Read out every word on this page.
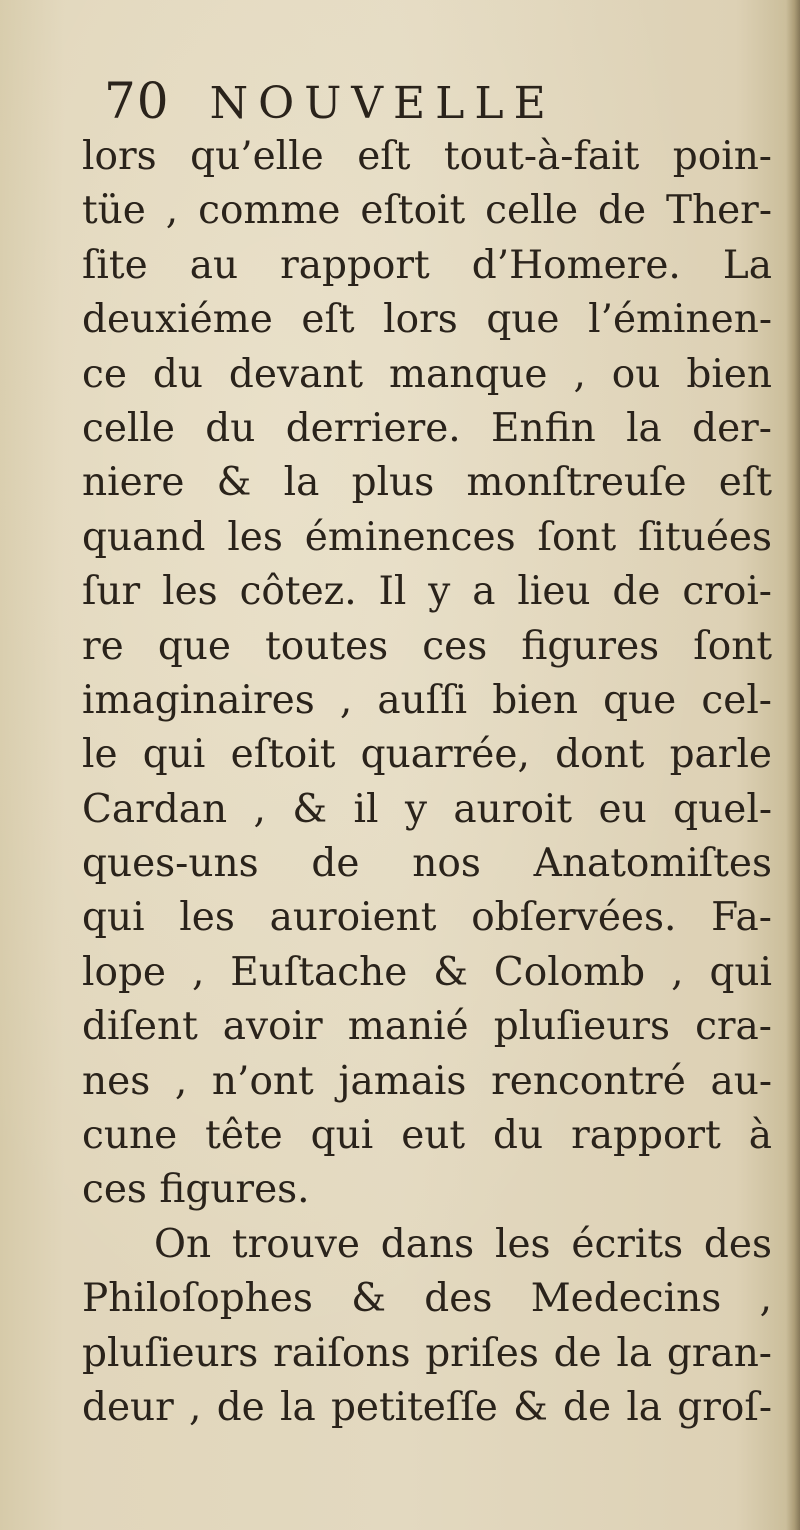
70 NOUVELLE
lors qu’elle eſt tout-à-fait poin-
tüe , comme eſtoit celle de Ther-
ſite au rapport d’Homere. La
deuxiéme eſt lors que l’éminen-
ce du devant manque , ou bien
celle du derriere. Enfin la der-
niere & la plus monſtreuſe eſt
quand les éminences ſont ſituées
ſur les côtez. Il y a lieu de croi-
re que toutes ces figures ſont
imaginaires , auſſi bien que cel-
le qui eſtoit quarrée, dont parle
Cardan , & il y auroit eu quel-
ques-uns de nos Anatomiſtes
qui les auroient obſervées. Fa-
lope , Euſtache & Colomb , qui
diſent avoir manié pluſieurs cra-
nes , n’ont jamais rencontré au-
cune tête qui eut du rapport à
ces figures.
On trouve dans les écrits des
Philoſophes & des Medecins ,
pluſieurs raiſons priſes de la gran-
deur , de la petiteſſe & de la groſ-
